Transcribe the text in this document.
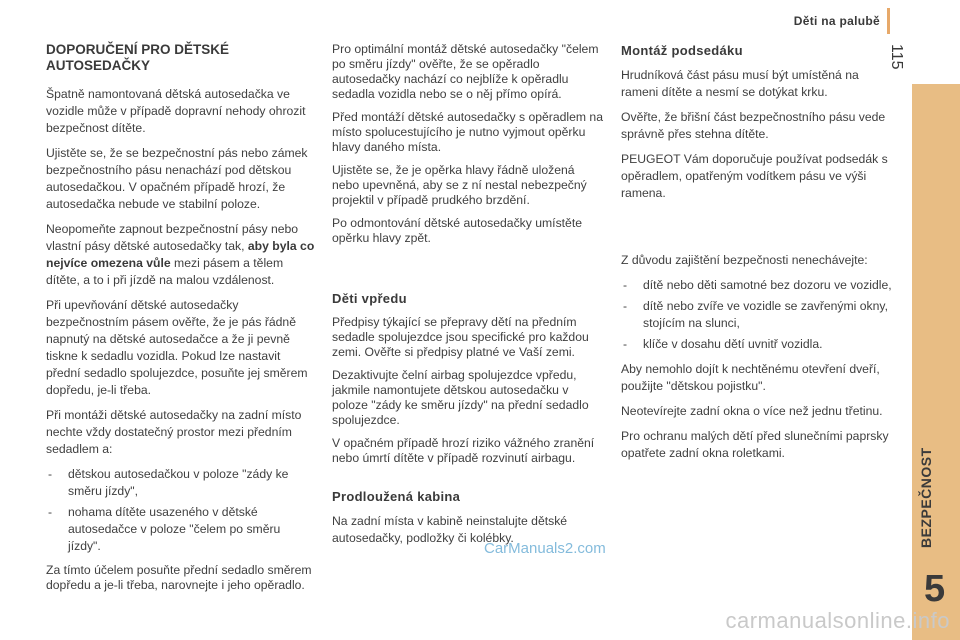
Děti na palubě
115
BEZPEČNOST
5
DOPORUČENÍ PRO DĚTSKÉ AUTOSEDAČKY

Špatně namontovaná dětská autosedačka ve vozidle může v případě dopravní nehody ohrozit bezpečnost dítěte.

Ujistěte se, že se bezpečnostní pás nebo zámek bezpečnostního pásu nenachází pod dětskou autosedačkou. V opačném případě hrozí, že autosedačka nebude ve stabilní poloze.

Neopomeňte zapnout bezpečnostní pásy nebo vlastní pásy dětské autosedačky tak, aby byla co nejvíce omezena vůle mezi pásem a tělem dítěte, a to i při jízdě na malou vzdálenost.

Při upevňování dětské autosedačky bezpečnostním pásem ověřte, že je pás řádně napnutý na dětské autosedačce a že ji pevně tiskne k sedadlu vozidla. Pokud lze nastavit přední sedadlo spolujezdce, posuňte jej směrem dopředu, je-li třeba.

Při montáži dětské autosedačky na zadní místo nechte vždy dostatečný prostor mezi předním sedadlem a:

- dětskou autosedačkou v poloze "zády ke směru jízdy",
- nohama dítěte usazeného v dětské autosedačce v poloze "čelem po směru jízdy".

Za tímto účelem posuňte přední sedadlo směrem dopředu a je-li třeba, narovnejte i jeho opěradlo.

Pro optimální montáž dětské autosedačky "čelem po směru jízdy" ověřte, že se opěradlo autosedačky nachází co nejblíže k opěradlu sedadla vozidla nebo se o něj přímo opírá.

Před montáží dětské autosedačky s opěradlem na místo spolucestujícího je nutno vyjmout opěrku hlavy daného místa.

Ujistěte se, že je opěrka hlavy řádně uložená nebo upevněná, aby se z ní nestal nebezpečný projektil v případě prudkého brzdění.

Po odmontování dětské autosedačky umístěte opěrku hlavy zpět.

Děti vpředu

Předpisy týkající se přepravy dětí na předním sedadle spolujezdce jsou specifické pro každou zemi. Ověřte si předpisy platné ve Vaší zemi.

Dezaktivujte čelní airbag spolujezdce vpředu, jakmile namontujete dětskou autosedačku v poloze "zády ke směru jízdy" na přední sedadlo spolujezdce.

V opačném případě hrozí riziko vážného zranění nebo úmrtí dítěte v případě rozvinutí airbagu.

Prodloužená kabina

Na zadní místa v kabině neinstalujte dětské autosedačky, podložky či kolébky.

Montáž podsedáku

Hrudníková část pásu musí být umístěná na rameni dítěte a nesmí se dotýkat krku.

Ověřte, že břišní část bezpečnostního pásu vede správně přes stehna dítěte.

PEUGEOT Vám doporučuje používat podsedák s opěradlem, opatřeným vodítkem pásu ve výši ramena.

Z důvodu zajištění bezpečnosti nenechávejte:

- dítě nebo děti samotné bez dozoru ve vozidle,
- dítě nebo zvíře ve vozidle se zavřenými okny, stojícím na slunci,
- klíče v dosahu dětí uvnitř vozidla.

Aby nemohlo dojít k nechtěnému otevření dveří, použijte "dětskou pojistku".

Neotevírejte zadní okna o více než jednu třetinu.

Pro ochranu malých dětí před slunečními paprsky opatřete zadní okna roletkami.

CarManuals2.com
carmanualsonline.info
